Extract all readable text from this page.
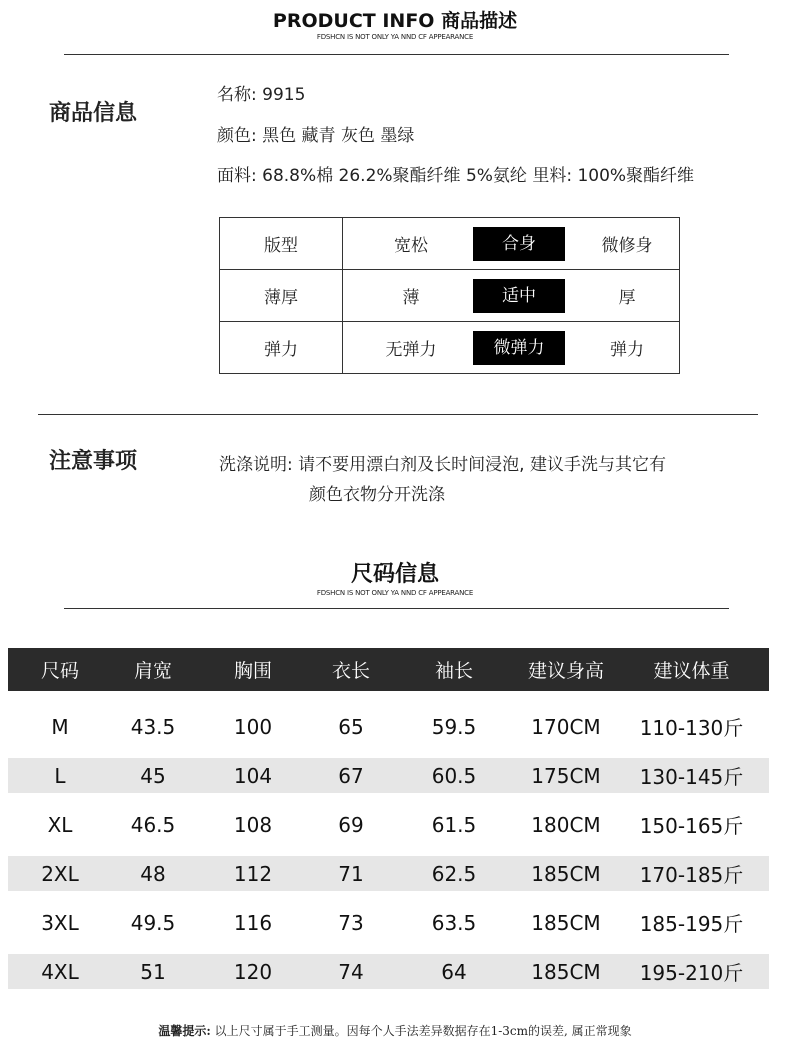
PRODUCT INFO 商品描述
FDSHCN IS NOT ONLY YA NND CF APPEARANCE
商品信息
名称: 9915
颜色: 黑色 藏青 灰色 墨绿
面料: 68.8%棉 26.2%聚酯纤维 5%氨纶 里料: 100%聚酯纤维
版型	宽松 合身 微修身

薄厚	薄 适中 厚

弹力	无弹力 微弹力 弹力
注意事项	洗涤说明: 请不要用漂白剂及长时间浸泡, 建议手洗与其它有
颜色衣物分开洗涤
尺码信息
FDSHCN IS NOT ONLY YA NND CF APPEARANCE
尺码	肩宽	胸围	衣长	袖长	建议身高	建议体重
M	43.5	100	65	59.5	170CM	110-130斤
L	45	104	67	60.5	175CM	130-145斤
XL	46.5	108	69	61.5	180CM	150-165斤
2XL	48	112	71	62.5	185CM	170-185斤
3XL	49.5	116	73	63.5	185CM	185-195斤
4XL	51	120	74	64	185CM	195-210斤
温馨提示: 以上尺寸属于手工测量。因每个人手法差异数据存在1-3cm的误差, 属正常现象
